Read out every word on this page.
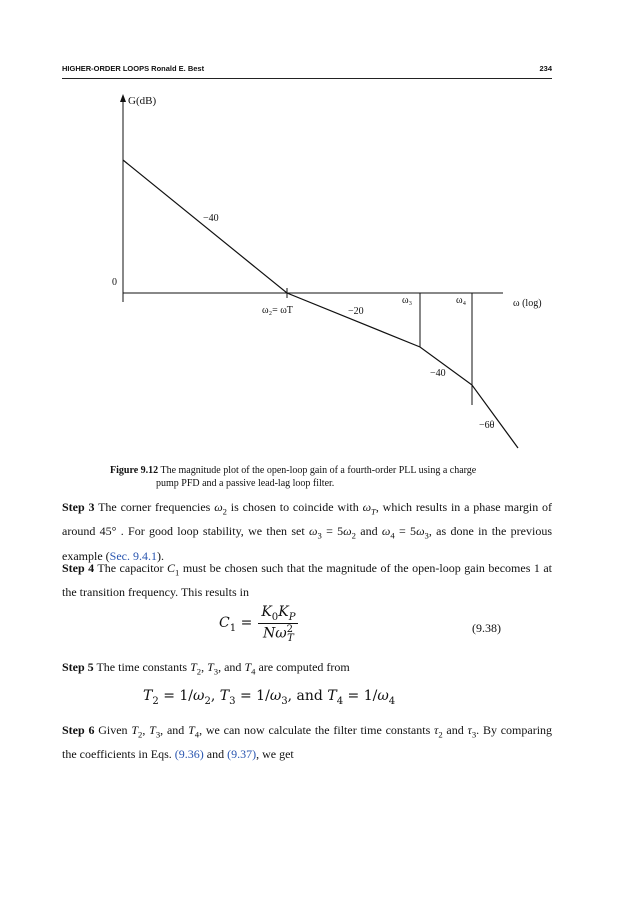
HIGHER-ORDER LOOPS Ronald E. Best	234
G(dB)
0
−40
ω₂= ωT	−20
ω₃	ω₄	ω (log)
−40
−6θ
Figure 9.12 The magnitude plot of the open-loop gain of a fourth-order PLL using a charge
pump PFD and a passive lead-lag loop filter.
Step 3 The corner frequencies $\omega_2$ is chosen to coincide with $\omega_T$, which results in a phase margin of around 45° . For good loop stability, we then set $\omega_3 = 5\omega_2$ and $\omega_4 = 5\omega_3$, as done in the previous example (Sec. 9.4.1).
Step 4 The capacitor $C_1$ must be chosen such that the magnitude of the open-loop gain becomes 1 at the transition frequency. This results in
$C_1$ =	$K_0K_P$
$N\omega^2_T$
(9.38)
Step 5 The time constants $T_2$, $T_3$, and $T_4$ are computed from
$T_2 = 1/\omega_2$, $T_3 = 1/\omega_3$, and $T_4 = 1/\omega_4$
Step 6 Given $T_2$, $T_3$, and $T_4$, we can now calculate the filter time constants $\tau_2$ and $\tau_3$. By comparing the coefficients in Eqs. (9.36) and (9.37), we get
